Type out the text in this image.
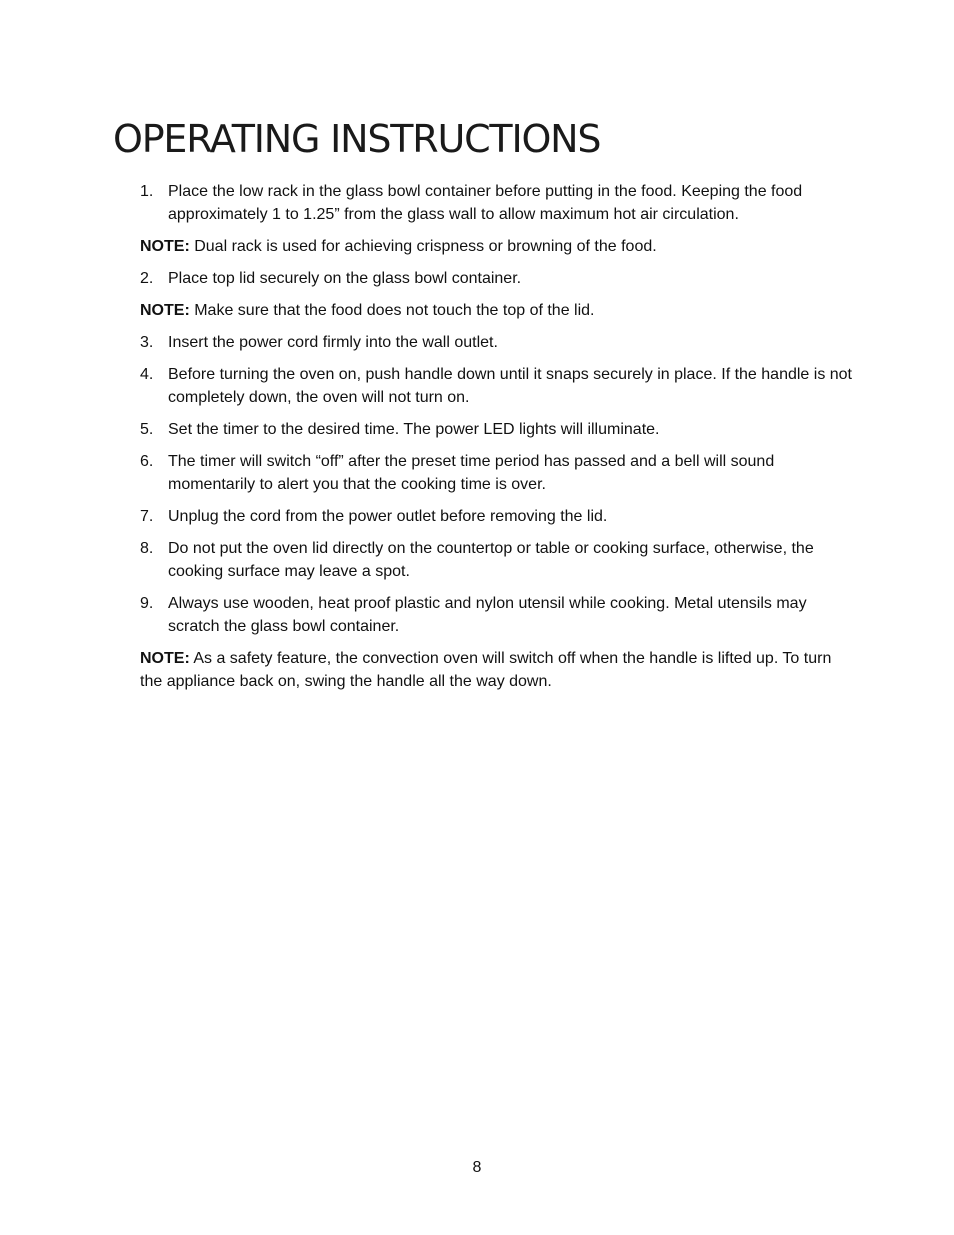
OPERATING INSTRUCTIONS
1. Place the low rack in the glass bowl container before putting in the food. Keeping the food approximately 1 to 1.25” from the glass wall to allow maximum hot air circulation.

NOTE: Dual rack is used for achieving crispness or browning of the food.

2. Place top lid securely on the glass bowl container.

NOTE: Make sure that the food does not touch the top of the lid.

3. Insert the power cord firmly into the wall outlet.
4. Before turning the oven on, push handle down until it snaps securely in place. If the handle is not completely down, the oven will not turn on.
5. Set the timer to the desired time. The power LED lights will illuminate.
6. The timer will switch “off” after the preset time period has passed and a bell will sound momentarily to alert you that the cooking time is over.
7. Unplug the cord from the power outlet before removing the lid.
8. Do not put the oven lid directly on the countertop or table or cooking surface, otherwise, the cooking surface may leave a spot.
9. Always use wooden, heat proof plastic and nylon utensil while cooking. Metal utensils may scratch the glass bowl container.

NOTE: As a safety feature, the convection oven will switch off when the handle is lifted up. To turn the appliance back on, swing the handle all the way down.

8
